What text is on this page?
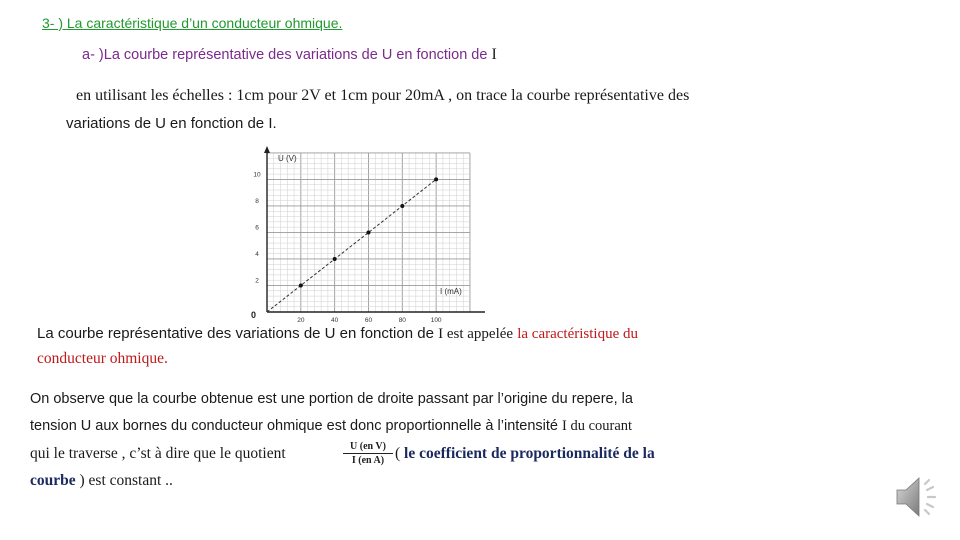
3- ) La caractéristique d’un conducteur ohmique.
a- )La courbe représentative des variations de U en fonction de I
en utilisant les échelles : 1cm pour 2V et 1cm pour 20mA , on trace la courbe représentative des
variations de U en fonction de I.
20	40	60	80	100
2
4
6
8
10
U (V)
I (mA)
0
La courbe représentative des variations de U en fonction de I est appelée la caractéristique du
conducteur ohmique.
On observe que la courbe obtenue est une portion de droite passant par l’origine du repere, la
tension U aux bornes du conducteur ohmique est donc proportionnelle à l’intensité I du courant
qui le traverse , c’st à dire que le quotient	$\frac{\text{U (en V)}}{\text{I (en A)}}$ ( le coefficient de proportionnalité de la
courbe ) est constant ..
